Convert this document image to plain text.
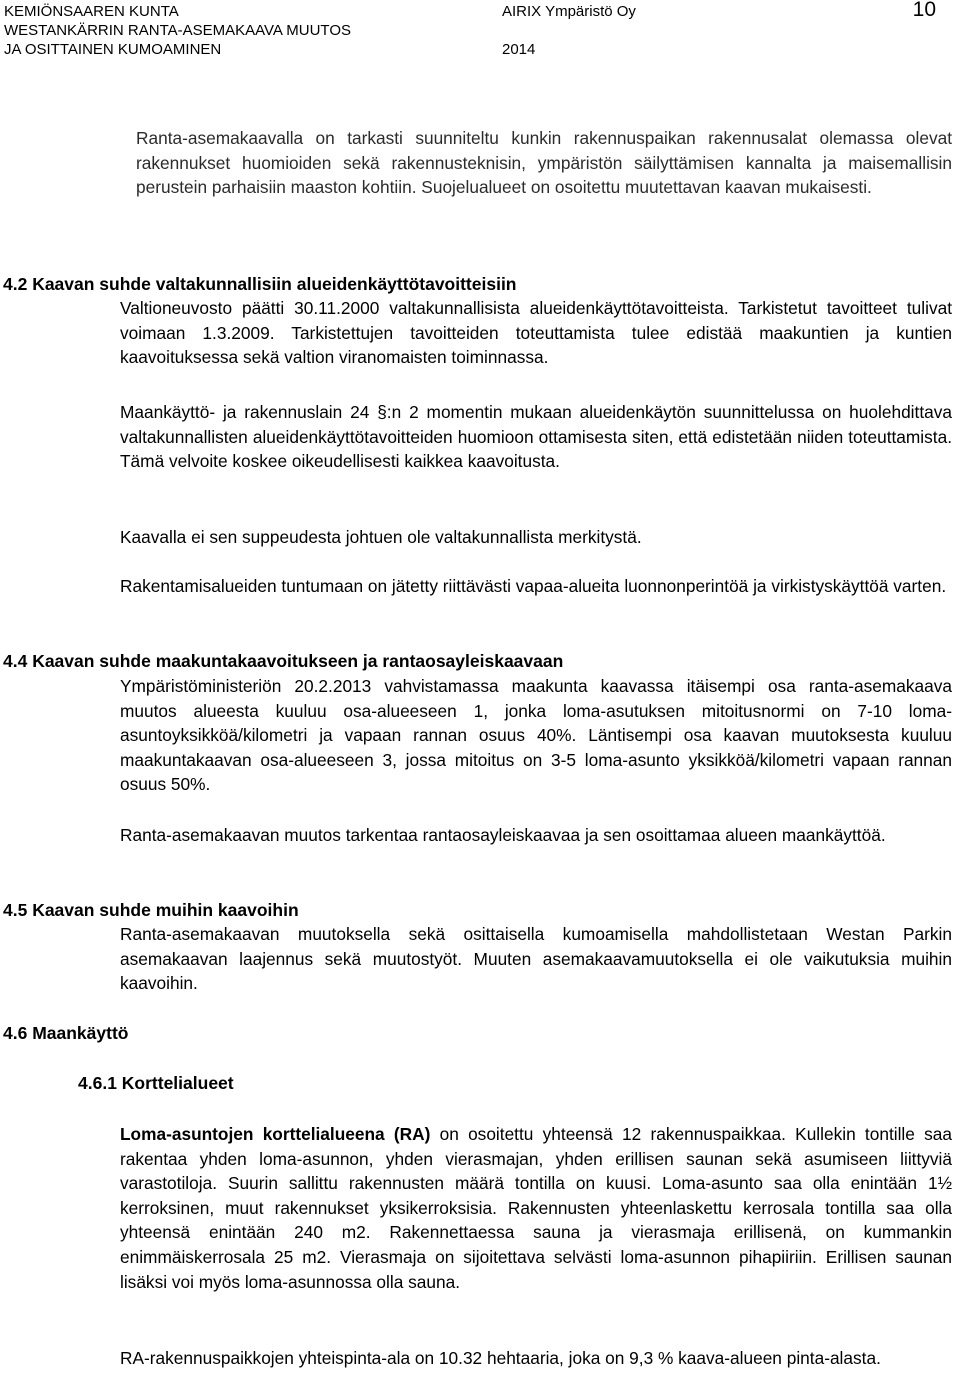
KEMIÖNSAAREN KUNTA
WESTANKÄRRIN RANTA-ASEMAKAAVA MUUTOS
JA OSITTAINEN KUMOAMINEN
AIRIX Ympäristö Oy
2014
10
Ranta-asemakaavalla on tarkasti suunniteltu kunkin rakennuspaikan rakennusalat olemassa olevat rakennukset huomioiden sekä rakennusteknisin, ympäristön säilyttämisen kannalta ja maisemallisin perustein parhaisiin maaston kohtiin. Suojelualueet on osoitettu muutettavan kaavan mukaisesti.
4.2 Kaavan suhde valtakunnallisiin alueidenkäyttötavoitteisiin
Valtioneuvosto päätti 30.11.2000 valtakunnallisista alueidenkäyttötavoitteista. Tarkistetut tavoitteet tulivat voimaan 1.3.2009. Tarkistettujen tavoitteiden toteuttamista tulee edistää maakuntien ja kuntien kaavoituksessa sekä valtion viranomaisten toiminnassa.
Maankäyttö- ja rakennuslain 24 §:n 2 momentin mukaan alueidenkäytön suunnittelussa on huolehdittava valtakunnallisten alueidenkäyttötavoitteiden huomioon ottamisesta siten, että edistetään niiden toteuttamista. Tämä velvoite koskee oikeudellisesti kaikkea kaavoitusta.
Kaavalla ei sen suppeudesta johtuen ole valtakunnallista merkitystä.
Rakentamisalueiden tuntumaan on jätetty riittävästi vapaa-alueita luonnonperintöä ja virkistyskäyttöä varten.
4.4 Kaavan suhde maakuntakaavoitukseen ja rantaosayleiskaavaan
Ympäristöministeriön 20.2.2013 vahvistamassa maakunta kaavassa itäisempi osa ranta-asemakaava muutos alueesta kuuluu osa-alueeseen 1, jonka loma-asutuksen mitoitusnormi on 7-10 loma-asuntoyksikköä/kilometri ja vapaan rannan osuus 40%. Läntisempi osa kaavan muutoksesta kuuluu maakuntakaavan osa-alueeseen 3, jossa mitoitus on 3-5 loma-asunto yksikköä/kilometri vapaan rannan osuus 50%.
Ranta-asemakaavan muutos tarkentaa rantaosayleiskaavaa ja sen osoittamaa alueen maankäyttöä.
4.5 Kaavan suhde muihin kaavoihin
Ranta-asemakaavan muutoksella sekä osittaisella kumoamisella mahdollistetaan Westan Parkin asemakaavan laajennus sekä muutostyöt. Muuten asemakaavamuutoksella ei ole vaikutuksia muihin kaavoihin.
4.6 Maankäyttö
4.6.1 Korttelialueet
Loma-asuntojen korttelialueena (RA) on osoitettu yhteensä 12 rakennuspaikkaa. Kullekin tontille saa rakentaa yhden loma-asunnon, yhden vierasmajan, yhden erillisen saunan sekä asumiseen liittyviä varastotiloja. Suurin sallittu rakennusten määrä tontilla on kuusi. Loma-asunto saa olla enintään 1½ kerroksinen, muut rakennukset yksikerroksisia. Rakennusten yhteenlaskettu kerrosala tontilla saa olla yhteensä enintään 240 m2. Rakennettaessa sauna ja vierasmaja erillisenä, on kummankin enimmäiskerrosala 25 m2. Vierasmaja on sijoitettava selvästi loma-asunnon pihapiiriin. Erillisen saunan lisäksi voi myös loma-asunnossa olla sauna.
RA-rakennuspaikkojen yhteispinta-ala on 10.32 hehtaaria, joka on 9,3 % kaava-alueen pinta-alasta.
